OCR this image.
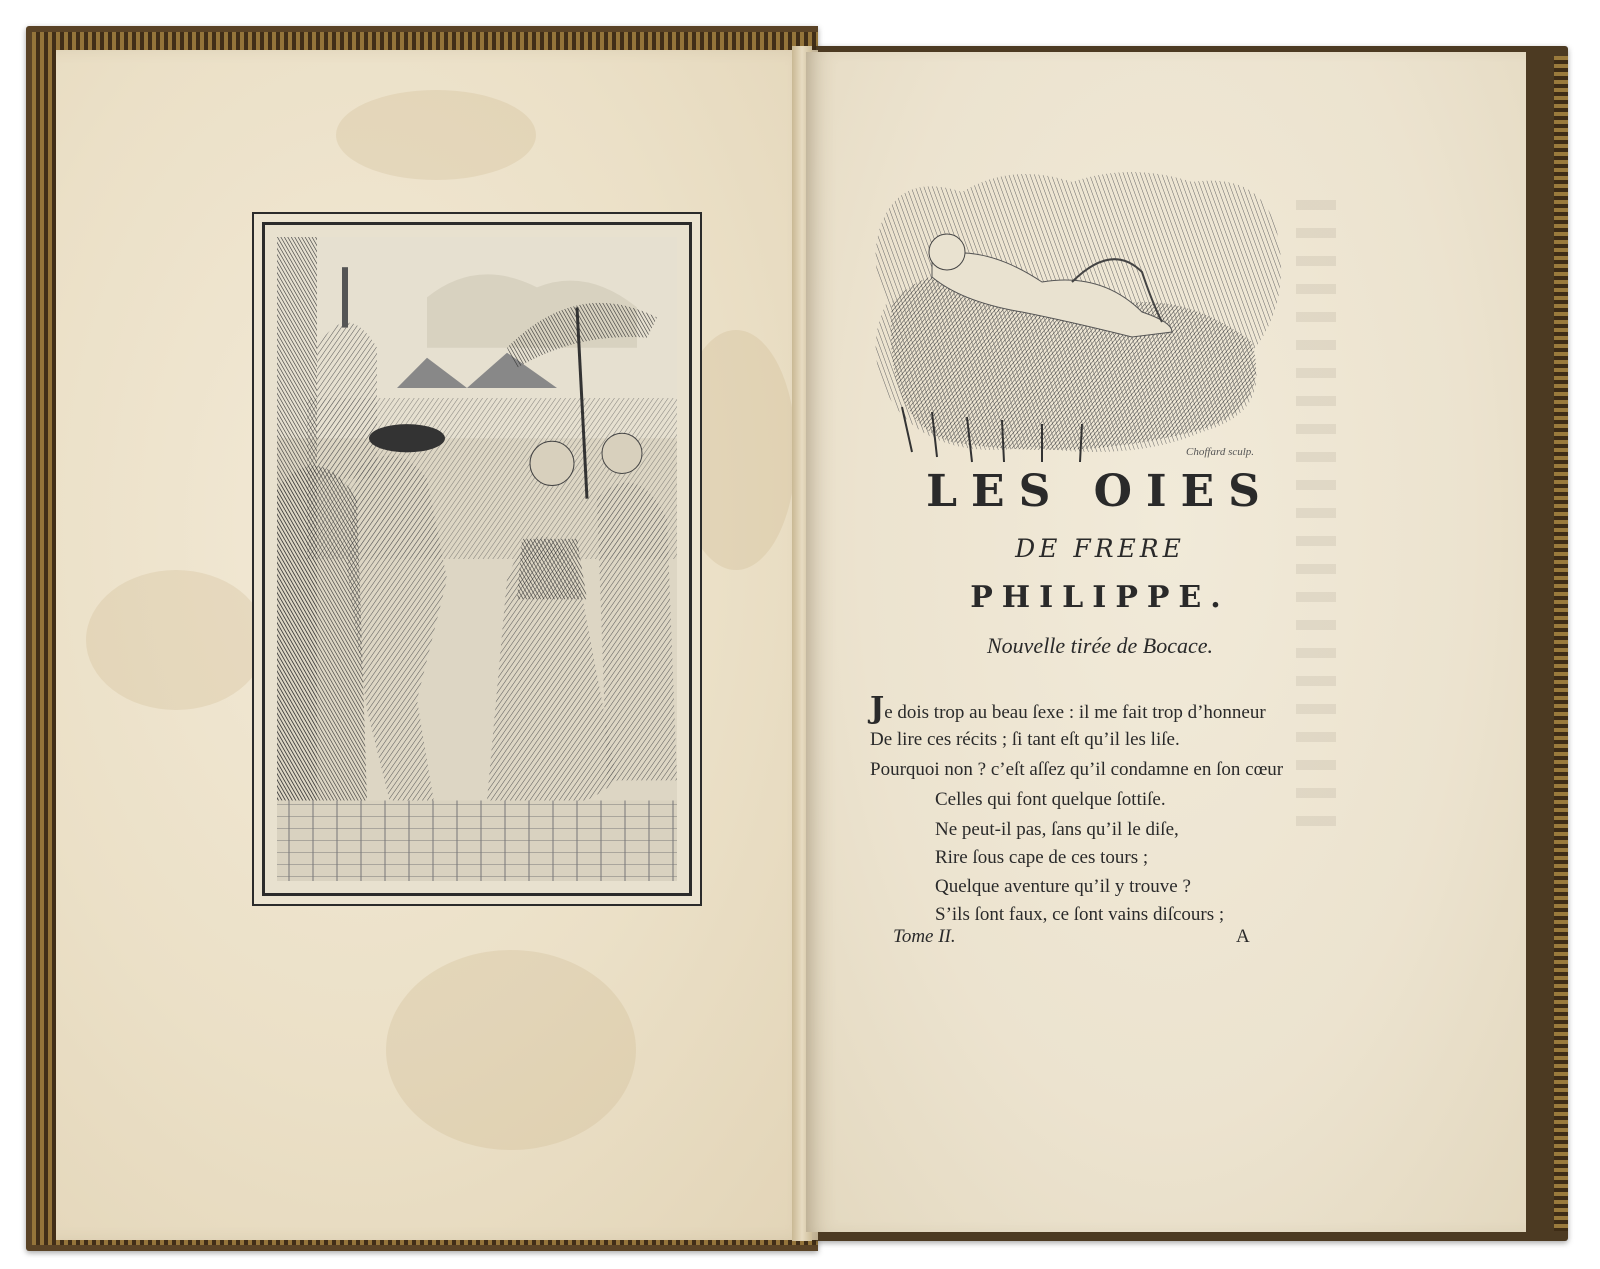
Choffard sculp.
LES OIES
DE FRERE
PHILIPPE.
Nouvelle tirée de Bocace.
Je dois trop au beau ſexe : il me fait trop d’honneur
De lire ces récits ; ſi tant eſt qu’il les liſe.
Pourquoi non ? c’eſt aſſez qu’il condamne en ſon cœur
Celles qui font quelque ſottiſe.
Ne peut-il pas, ſans qu’il le diſe,
Rire ſous cape de ces tours ;
Quelque aventure qu’il y trouve ?
S’ils ſont faux, ce ſont vains diſcours ;
Tome II.	A
